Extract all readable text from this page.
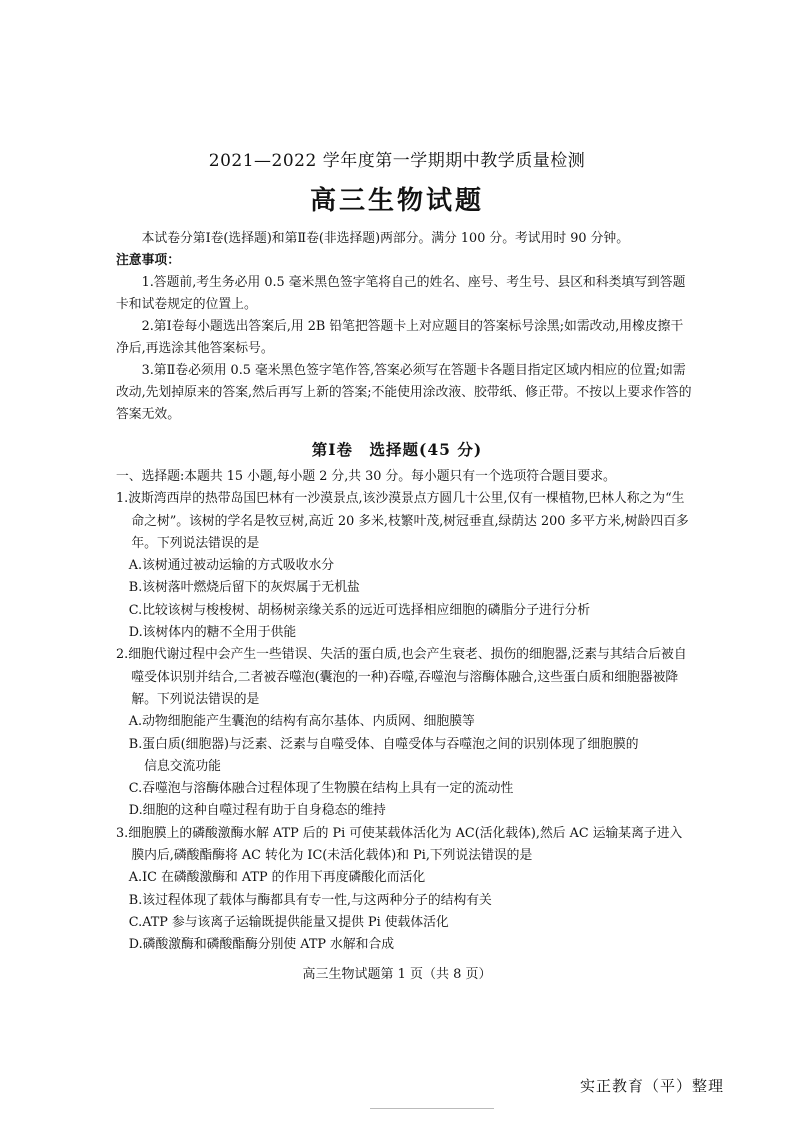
2021—2022 学年度第一学期期中教学质量检测
高三生物试题

本试卷分第Ⅰ卷(选择题)和第Ⅱ卷(非选择题)两部分。满分 100 分。考试用时 90 分钟。

注意事项：

1.答题前,考生务必用 0.5 毫米黑色签字笔将自己的姓名、座号、考生号、县区和科类填写到答题卡和试卷规定的位置上。

2.第Ⅰ卷每小题选出答案后,用 2B 铅笔把答题卡上对应题目的答案标号涂黑;如需改动,用橡皮擦干净后,再选涂其他答案标号。

3.第Ⅱ卷必须用 0.5 毫米黑色签字笔作答,答案必须写在答题卡各题目指定区域内相应的位置;如需改动,先划掉原来的答案,然后再写上新的答案;不能使用涂改液、胶带纸、修正带。不按以上要求作答的答案无效。

第Ⅰ卷　选择题(45 分)

一、选择题:本题共 15 小题,每小题 2 分,共 30 分。每小题只有一个选项符合题目要求。

1.波斯湾西岸的热带岛国巴林有一沙漠景点,该沙漠景点方圆几十公里,仅有一棵植物,巴林人称之为“生命之树”。该树的学名是牧豆树,高近 20 多米,枝繁叶茂,树冠垂直,绿荫达 200 多平方米,树龄四百多年。下列说法错误的是

A.该树通过被动运输的方式吸收水分

B.该树落叶燃烧后留下的灰烬属于无机盐

C.比较该树与梭梭树、胡杨树亲缘关系的远近可选择相应细胞的磷脂分子进行分析

D.该树体内的糖不全用于供能

2.细胞代谢过程中会产生一些错误、失活的蛋白质,也会产生衰老、损伤的细胞器,泛素与其结合后被自噬受体识别并结合,二者被吞噬泡(囊泡的一种)吞噬,吞噬泡与溶酶体融合,这些蛋白质和细胞器被降解。下列说法错误的是

A.动物细胞能产生囊泡的结构有高尔基体、内质网、细胞膜等

B.蛋白质(细胞器)与泛素、泛素与自噬受体、自噬受体与吞噬泡之间的识别体现了细胞膜的

信息交流功能

C.吞噬泡与溶酶体融合过程体现了生物膜在结构上具有一定的流动性

D.细胞的这种自噬过程有助于自身稳态的维持

3.细胞膜上的磷酸激酶水解 ATP 后的 Pi 可使某载体活化为 AC(活化载体),然后 AC 运输某离子进入膜内后,磷酸酯酶将 AC 转化为 IC(未活化载体)和 Pi,下列说法错误的是

A.IC 在磷酸激酶和 ATP 的作用下再度磷酸化而活化

B.该过程体现了载体与酶都具有专一性,与这两种分子的结构有关

C.ATP 参与该离子运输既提供能量又提供 Pi 使载体活化

D.磷酸激酶和磷酸酯酶分别使 ATP 水解和合成

高三生物试题第 1 页（共 8 页）
实正教育（平）整理
